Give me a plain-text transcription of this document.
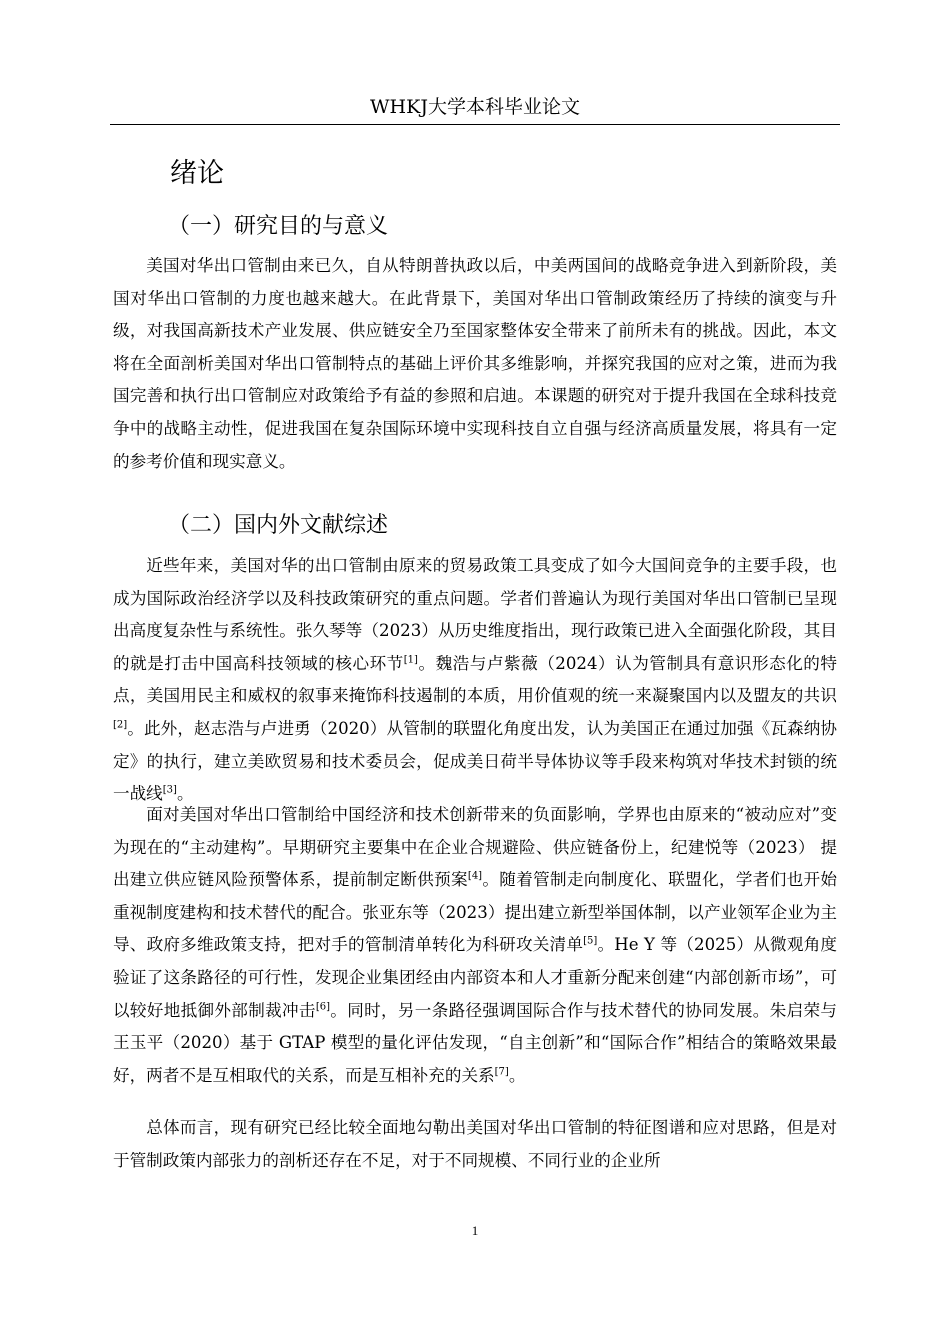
WHKJ大学本科毕业论文
绪论
（一）研究目的与意义

美国对华出口管制由来已久，自从特朗普执政以后，中美两国间的战略竞争进入到新阶段，美国对华出口管制的力度也越来越大。在此背景下，美国对华出口管制政策经历了持续的演变与升级，对我国高新技术产业发展、供应链安全乃至国家整体安全带来了前所未有的挑战。因此，本文将在全面剖析美国对华出口管制特点的基础上评价其多维影响，并探究我国的应对之策，进而为我国完善和执行出口管制应对政策给予有益的参照和启迪。本课题的研究对于提升我国在全球科技竞争中的战略主动性，促进我国在复杂国际环境中实现科技自立自强与经济高质量发展，将具有一定的参考价值和现实意义。

（二）国内外文献综述

近些年来，美国对华的出口管制由原来的贸易政策工具变成了如今大国间竞争的主要手段，也成为国际政治经济学以及科技政策研究的重点问题。学者们普遍认为现行美国对华出口管制已呈现出高度复杂性与系统性。张久琴等（2023）从历史维度指出，现行政策已进入全面强化阶段，其目的就是打击中国高科技领域的核心环节[1]。魏浩与卢紫薇（2024）认为管制具有意识形态化的特点，美国用民主和威权的叙事来掩饰科技遏制的本质，用价值观的统一来凝聚国内以及盟友的共识[2]。此外，赵志浩与卢进勇（2020）从管制的联盟化角度出发，认为美国正在通过加强《瓦森纳协定》的执行，建立美欧贸易和技术委员会，促成美日荷半导体协议等手段来构筑对华技术封锁的统一战线[3]。

面对美国对华出口管制给中国经济和技术创新带来的负面影响，学界也由原来的“被动应对”变为现在的“主动建构”。早期研究主要集中在企业合规避险、供应链备份上，纪建悦等（2023） 提出建立供应链风险预警体系，提前制定断供预案[4]。随着管制走向制度化、联盟化，学者们也开始重视制度建构和技术替代的配合。张亚东等（2023）提出建立新型举国体制，以产业领军企业为主导、政府多维政策支持，把对手的管制清单转化为科研攻关清单[5]。He Y 等（2025）从微观角度验证了这条路径的可行性，发现企业集团经由内部资本和人才重新分配来创建“内部创新市场”，可以较好地抵御外部制裁冲击[6]。同时，另一条路径强调国际合作与技术替代的协同发展。朱启荣与王玉平（2020）基于 GTAP 模型的量化评估发现，“自主创新”和“国际合作”相结合的策略效果最好，两者不是互相取代的关系，而是互相补充的关系[7]。

总体而言，现有研究已经比较全面地勾勒出美国对华出口管制的特征图谱和应对思路，但是对于管制政策内部张力的剖析还存在不足，对于不同规模、不同行业的企业所

1
